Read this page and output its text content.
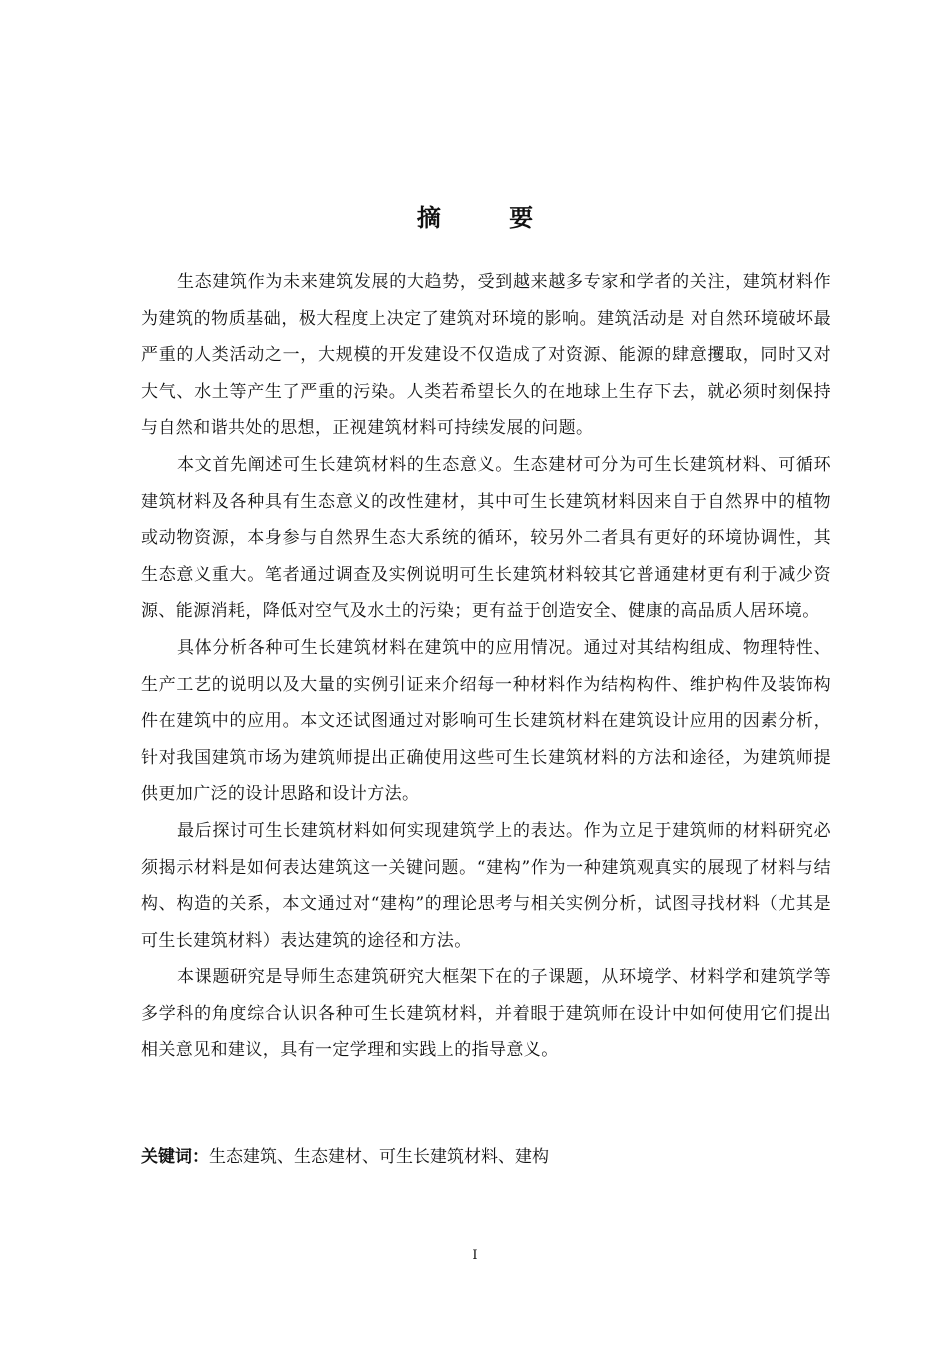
摘 要

生态建筑作为未来建筑发展的大趋势，受到越来越多专家和学者的关注，建筑材料作为建筑的物质基础，极大程度上决定了建筑对环境的影响。建筑活动是 对自然环境破坏最严重的人类活动之一，大规模的开发建设不仅造成了对资源、能源的肆意攫取，同时又对大气、水土等产生了严重的污染。人类若希望长久的在地球上生存下去，就必须时刻保持与自然和谐共处的思想，正视建筑材料可持续发展的问题。

本文首先阐述可生长建筑材料的生态意义。生态建材可分为可生长建筑材料、可循环建筑材料及各种具有生态意义的改性建材，其中可生长建筑材料因来自于自然界中的植物或动物资源，本身参与自然界生态大系统的循环，较另外二者具有更好的环境协调性，其生态意义重大。笔者通过调查及实例说明可生长建筑材料较其它普通建材更有利于减少资源、能源消耗，降低对空气及水土的污染；更有益于创造安全、健康的高品质人居环境。

具体分析各种可生长建筑材料在建筑中的应用情况。通过对其结构组成、物理特性、生产工艺的说明以及大量的实例引证来介绍每一种材料作为结构构件、维护构件及装饰构件在建筑中的应用。本文还试图通过对影响可生长建筑材料在建筑设计应用的因素分析，针对我国建筑市场为建筑师提出正确使用这些可生长建筑材料的方法和途径，为建筑师提供更加广泛的设计思路和设计方法。

最后探讨可生长建筑材料如何实现建筑学上的表达。作为立足于建筑师的材料研究必须揭示材料是如何表达建筑这一关键问题。“建构”作为一种建筑观真实的展现了材料与结构、构造的关系，本文通过对“建构”的理论思考与相关实例分析，试图寻找材料（尤其是可生长建筑材料）表达建筑的途径和方法。

本课题研究是导师生态建筑研究大框架下在的子课题，从环境学、材料学和建筑学等多学科的角度综合认识各种可生长建筑材料，并着眼于建筑师在设计中如何使用它们提出相关意见和建议，具有一定学理和实践上的指导意义。

关键词：生态建筑、生态建材、可生长建筑材料、建构
I
